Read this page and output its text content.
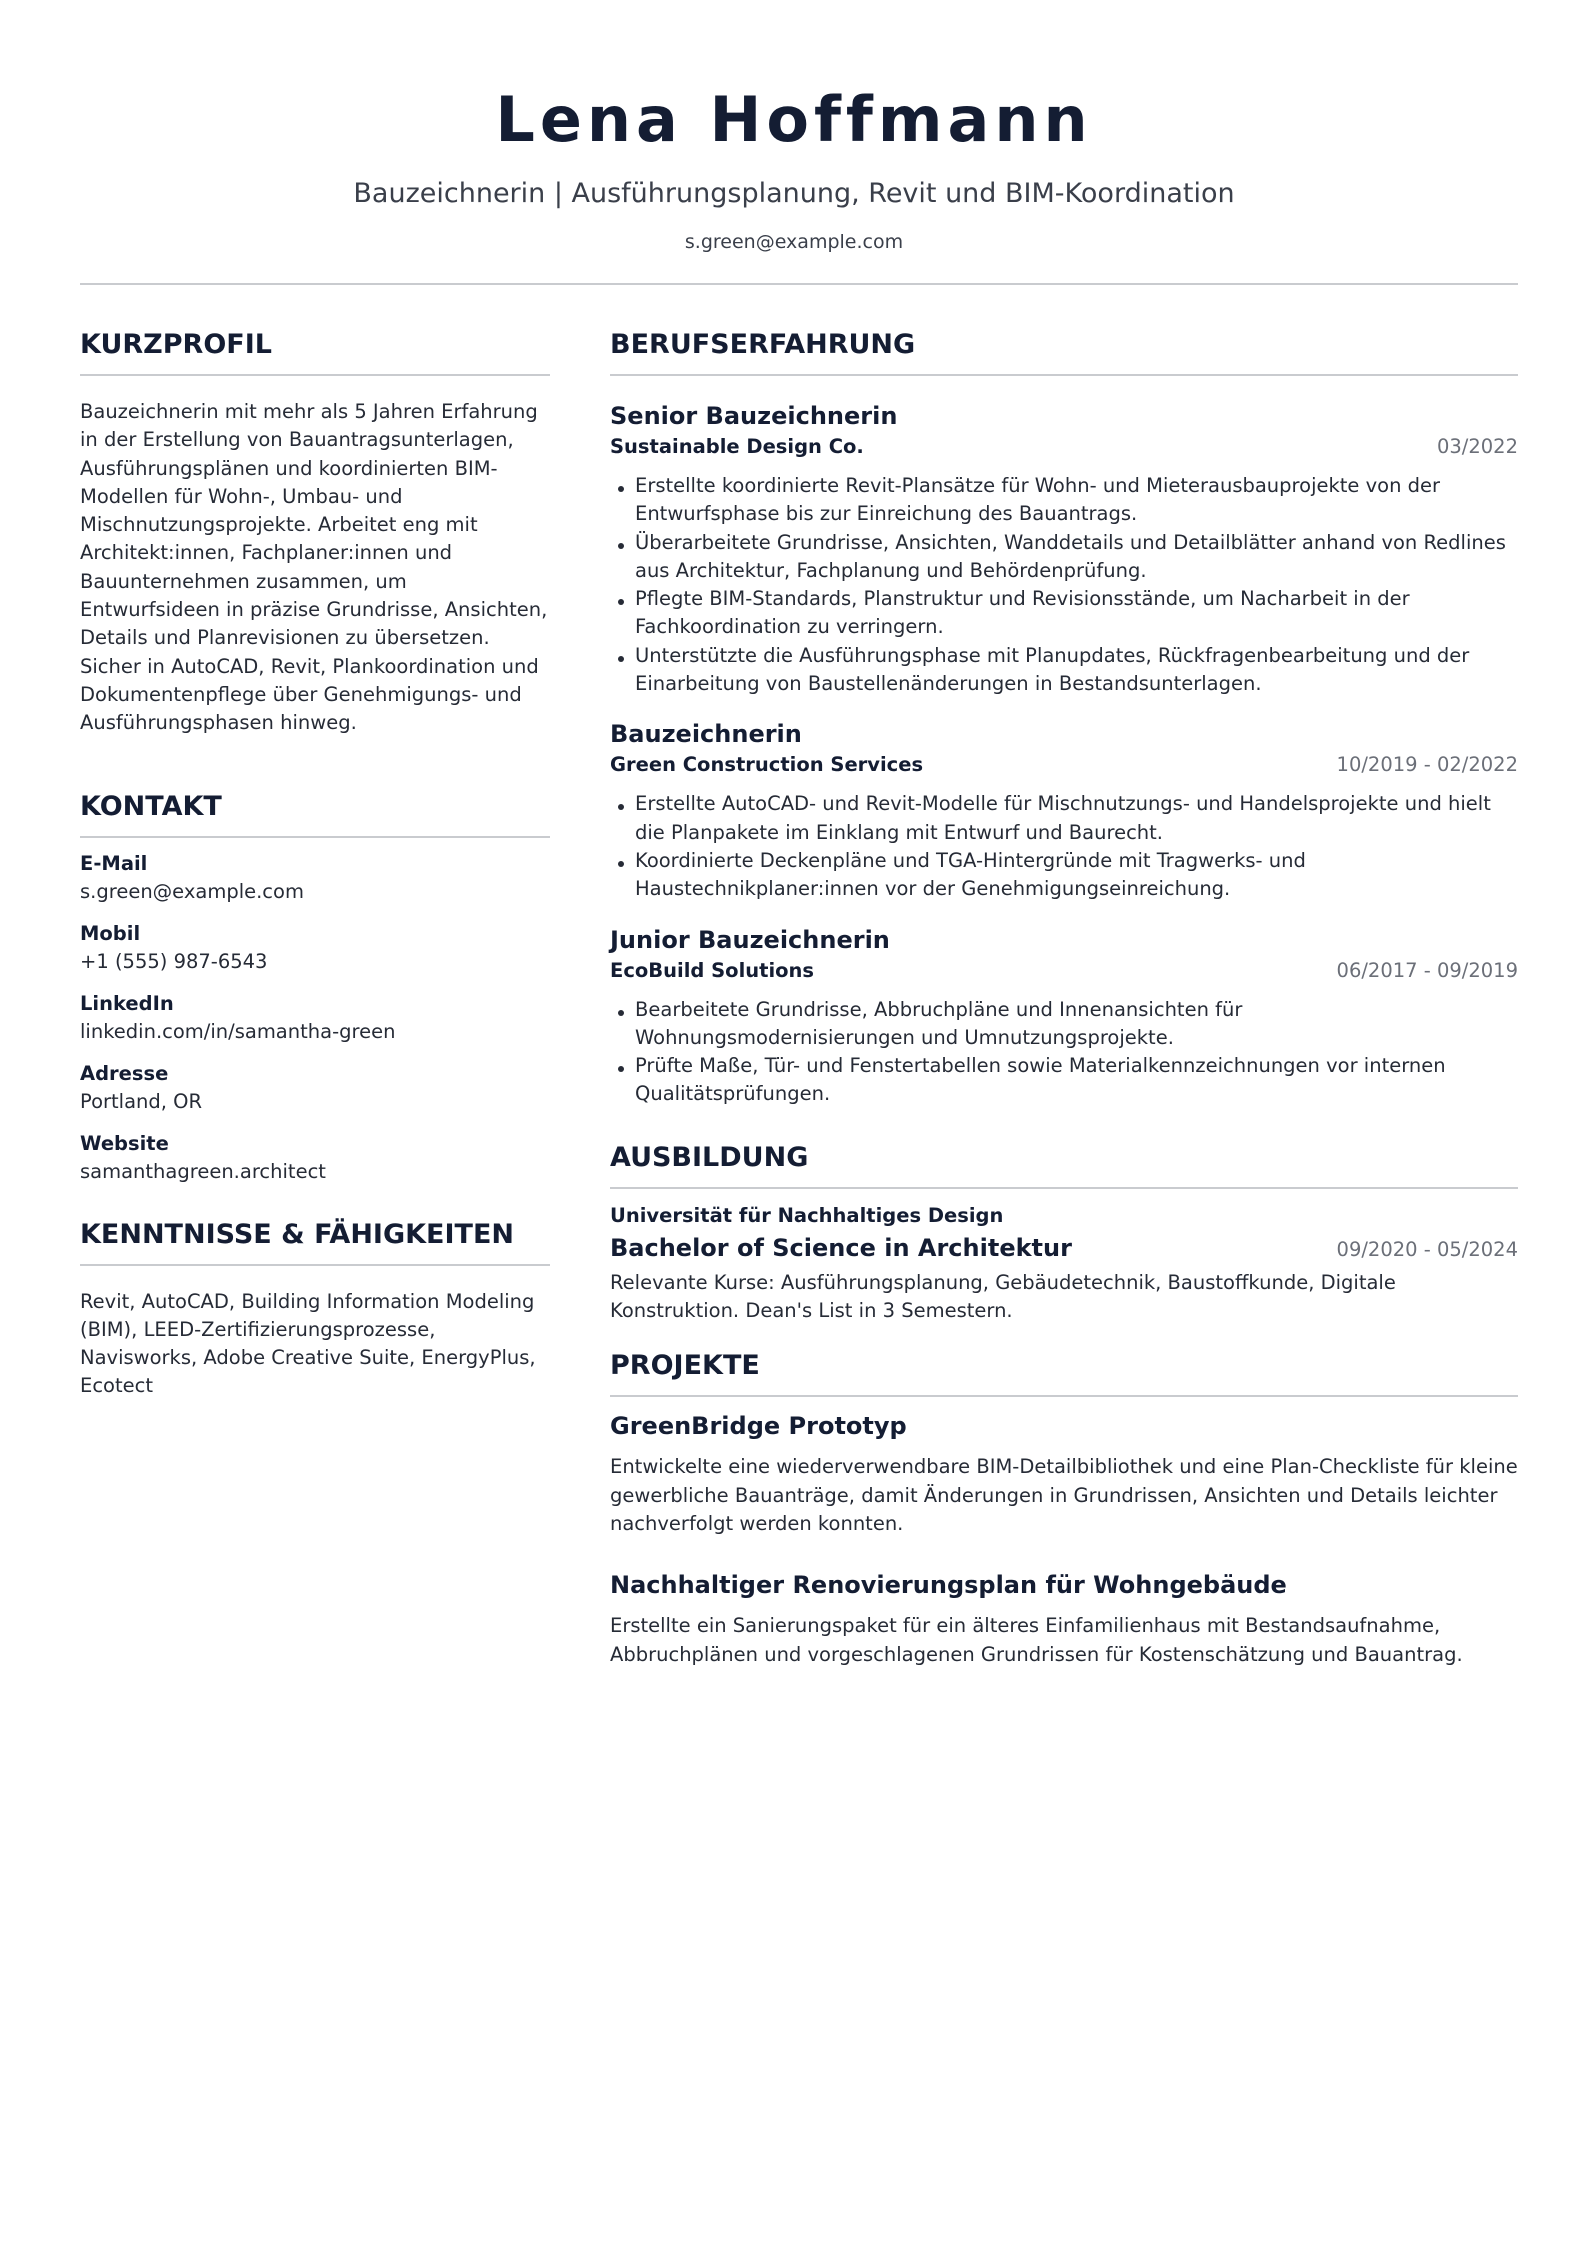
Lena Hoffmann
Bauzeichnerin | Ausführungsplanung, Revit und BIM-Koordination
s.green@example.com
KURZPROFIL

Bauzeichnerin mit mehr als 5 Jahren Erfahrung in der Erstellung von Bauantragsunterlagen, Ausführungsplänen und koordinierten BIM-Modellen für Wohn-, Umbau- und Mischnutzungsprojekte. Arbeitet eng mit Architekt:innen, Fachplaner:innen und Bauunternehmen zusammen, um Entwurfsideen in präzise Grundrisse, Ansichten, Details und Planrevisionen zu übersetzen. Sicher in AutoCAD, Revit, Plankoordination und Dokumentenpflege über Genehmigungs- und Ausführungsphasen hinweg.

KONTAKT
E-Mail
s.green@example.com
Mobil
+1 (555) 987-6543
LinkedIn
linkedin.com/in/samantha-green
Adresse
Portland, OR
Website
samanthagreen.architect
KENNTNISSE & FÄHIGKEITEN

Revit, AutoCAD, Building Information Modeling (BIM), LEED-Zertifizierungsprozesse, Navisworks, Adobe Creative Suite, EnergyPlus, Ecotect

BERUFSERFAHRUNG
Senior Bauzeichnerin
Sustainable Design Co.	03/2022
Erstellte koordinierte Revit-Plansätze für Wohn- und Mieterausbauprojekte von der Entwurfsphase bis zur Einreichung des Bauantrags.
Überarbeitete Grundrisse, Ansichten, Wanddetails und Detailblätter anhand von Redlines aus Architektur, Fachplanung und Behördenprüfung.
Pflegte BIM-Standards, Planstruktur und Revisionsstände, um Nacharbeit in der Fachkoordination zu verringern.
Unterstützte die Ausführungsphase mit Planupdates, Rückfragenbearbeitung und der Einarbeitung von Baustellenänderungen in Bestandsunterlagen.
Bauzeichnerin
Green Construction Services	10/2019 - 02/2022
Erstellte AutoCAD- und Revit-Modelle für Mischnutzungs- und Handelsprojekte und hielt die Planpakete im Einklang mit Entwurf und Baurecht.
Koordinierte Deckenpläne und TGA-Hintergründe mit Tragwerks- und Haustechnikplaner:innen vor der Genehmigungseinreichung.
Junior Bauzeichnerin
EcoBuild Solutions	06/2017 - 09/2019
Bearbeitete Grundrisse, Abbruchpläne und Innenansichten für Wohnungsmodernisierungen und Umnutzungsprojekte.
Prüfte Maße, Tür- und Fenstertabellen sowie Materialkennzeichnungen vor internen Qualitätsprüfungen.
AUSBILDUNG
Universität für Nachhaltiges Design
Bachelor of Science in Architektur	09/2020 - 05/2024

Relevante Kurse: Ausführungsplanung, Gebäudetechnik, Baustoffkunde, Digitale Konstruktion. Dean's List in 3 Semestern.

PROJEKTE
GreenBridge Prototyp

Entwickelte eine wiederverwendbare BIM-Detailbibliothek und eine Plan-Checkliste für kleine gewerbliche Bauanträge, damit Änderungen in Grundrissen, Ansichten und Details leichter nachverfolgt werden konnten.

Nachhaltiger Renovierungsplan für Wohngebäude

Erstellte ein Sanierungspaket für ein älteres Einfamilienhaus mit Bestandsaufnahme, Abbruchplänen und vorgeschlagenen Grundrissen für Kostenschätzung und Bauantrag.
